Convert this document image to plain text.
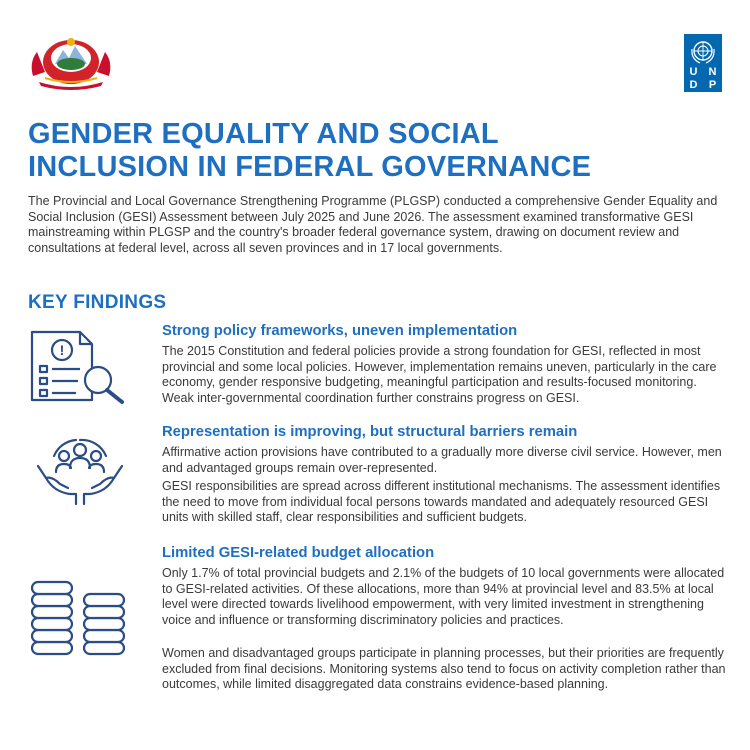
U	N
D	P
GENDER EQUALITY AND SOCIAL
INCLUSION IN FEDERAL GOVERNANCE

The Provincial and Local Governance Strengthening Programme (PLGSP) conducted a comprehensive Gender Equality and Social Inclusion (GESI) Assessment between July 2025 and June 2026. The assessment examined transformative GESI mainstreaming within PLGSP and the country's broader federal governance system, drawing on document review and consultations at federal level, across all seven provinces and in 17 local governments.

KEY FINDINGS
!
Strong policy frameworks, uneven implementation

The 2015 Constitution and federal policies provide a strong foundation for GESI, reflected in most provincial and some local policies. However, implementation remains uneven, particularly in the care economy, gender responsive budgeting, meaningful participation and results-focused monitoring. Weak inter-governmental coordination further constrains progress on GESI.

Representation is improving, but structural barriers remain

Affirmative action provisions have contributed to a gradually more diverse civil service. However, men and advantaged groups remain over-represented.

GESI responsibilities are spread across different institutional mechanisms. The assessment identifies the need to move from individual focal persons towards mandated and adequately resourced GESI units with skilled staff, clear responsibilities and sufficient budgets.

Limited GESI-related budget allocation

Only 1.7% of total provincial budgets and 2.1% of the budgets of 10 local governments were allocated to GESI-related activities. Of these allocations, more than 94% at provincial level and 83.5% at local level were directed towards livelihood empowerment, with very limited investment in strengthening voice and influence or transforming discriminatory policies and practices.

Women and disadvantaged groups participate in planning processes, but their priorities are frequently excluded from final decisions. Monitoring systems also tend to focus on activity completion rather than outcomes, while limited disaggregated data constrains evidence-based planning.
